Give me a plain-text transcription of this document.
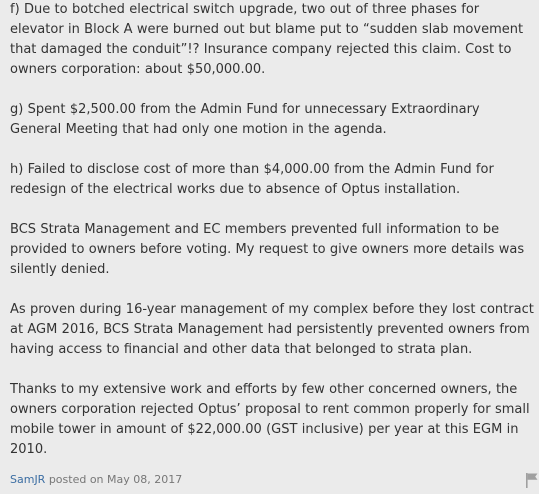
f) Due to botched electrical switch upgrade, two out of three phases for elevator in Block A were burned out but blame put to “sudden slab movement that damaged the conduit”!? Insurance company rejected this claim. Cost to owners corporation: about $50,000.00.

g) Spent $2,500.00 from the Admin Fund for unnecessary Extraordinary General Meeting that had only one motion in the agenda.

h) Failed to disclose cost of more than $4,000.00 from the Admin Fund for redesign of the electrical works due to absence of Optus installation.

BCS Strata Management and EC members prevented full information to be provided to owners before voting. My request to give owners more details was silently denied.

As proven during 16-year management of my complex before they lost contract at AGM 2016, BCS Strata Management had persistently prevented owners from having access to financial and other data that belonged to strata plan.

Thanks to my extensive work and efforts by few other concerned owners, the owners corporation rejected Optus’ proposal to rent common properly for small mobile tower in amount of $22,000.00 (GST inclusive) per year at this EGM in 2010.

SamJR posted on May 08, 2017
